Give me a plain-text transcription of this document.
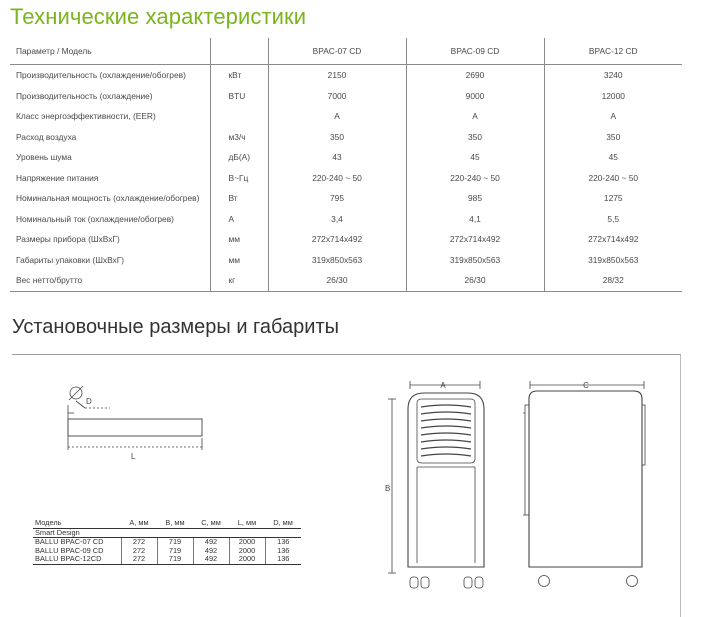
Технические характеристики
Параметр / Модель		BPAC-07 CD	BPAC-09 CD	BPAC-12 CD
Производительность (охлаждение/обогрев)	кВт	2150	2690	3240
Производительность (охлаждение)	BTU	7000	9000	12000
Класс энергоэффективности, (EER)		A	A	A
Расход воздуха	м3/ч	350	350	350
Уровень шума	дБ(А)	43	45	45
Напряжение питания	В~Гц	220-240 ~ 50	220-240 ~ 50	220-240 ~ 50
Номинальная мощность (охлаждение/обогрев)	Вт	795	985	1275
Номинальный ток (охлаждение/обогрев)	А	3,4	4,1	5,5
Размеры прибора (ШхВхГ)	мм	272x714x492	272x714x492	272x714x492
Габариты упаковки (ШхВхГ)	мм	319x850x563	319x850x563	319x850x563
Вес нетто/брутто	кг	26/30	26/30	28/32
Установочные размеры и габариты
D
L
A
B
C
Модель	A, мм	B, мм	C, мм	L, мм	D, мм
Smart Design					
BALLU BPAC-07 CD	272	719	492	2000	136
BALLU BPAC-09 CD	272	719	492	2000	136
BALLU BPAC-12CD	272	719	492	2000	136
